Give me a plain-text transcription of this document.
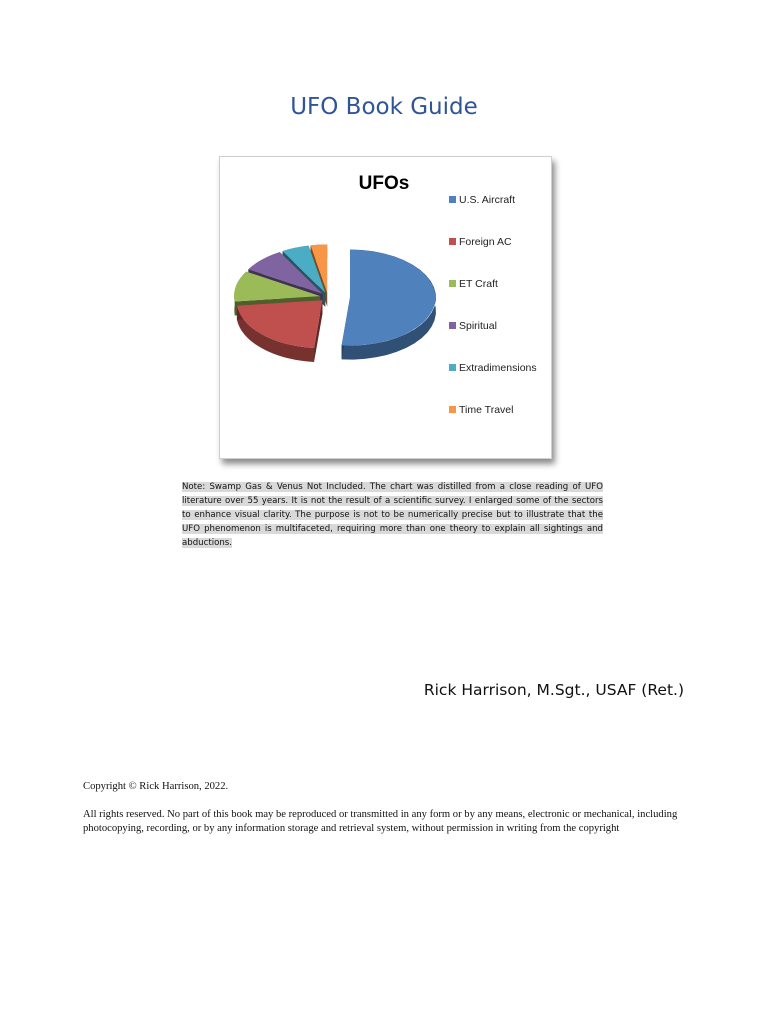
UFO Book Guide
UFOs
U.S. Aircraft
Foreign AC
ET Craft
Spiritual
Extradimensions
Time Travel
Note: Swamp Gas & Venus Not Included. The chart was distilled from a close reading of UFO literature over 55 years. It is not the result of a scientific survey. I enlarged some of the sectors to enhance visual clarity. The purpose is not to be numerically precise but to illustrate that the UFO phenomenon is multifaceted, requiring more than one theory to explain all sightings and abductions.
Rick Harrison, M.Sgt., USAF (Ret.)
Copyright © Rick Harrison, 2022.
All rights reserved. No part of this book may be reproduced or transmitted in any form or by any means, electronic or mechanical, including photocopying, recording, or by any information storage and retrieval system, without permission in writing from the copyright
